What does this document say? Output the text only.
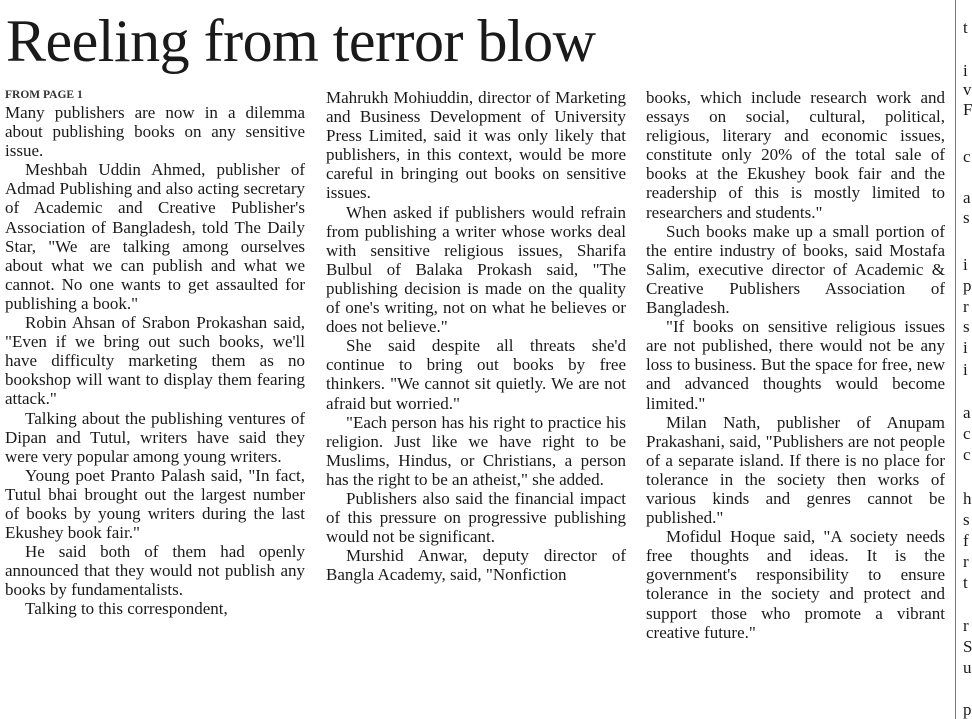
Reeling from terror blow
FROM PAGE 1

Many publishers are now in a dilemma about publishing books on any sensitive issue.

Meshbah Uddin Ahmed, publisher of Admad Publishing and also acting secretary of Academic and Creative Publisher's Association of Bangladesh, told The Daily Star, "We are talking among ourselves about what we can publish and what we cannot. No one wants to get assaulted for publishing a book."

Robin Ahsan of Srabon Prokashan said, "Even if we bring out such books, we'll have difficulty marketing them as no bookshop will want to display them fearing attack."

Talking about the publishing ventures of Dipan and Tutul, writers have said they were very popular among young writers.

Young poet Pranto Palash said, "In fact, Tutul bhai brought out the largest number of books by young writers during the last Ekushey book fair."

He said both of them had openly announced that they would not publish any books by fundamentalists.

Talking to this correspondent,

Mahrukh Mohiuddin, director of Marketing and Business Development of University Press Limited, said it was only likely that publishers, in this context, would be more careful in bringing out books on sensitive issues.

When asked if publishers would refrain from publishing a writer whose works deal with sensitive religious issues, Sharifa Bulbul of Balaka Prokash said, "The publishing decision is made on the quality of one's writing, not on what he believes or does not believe."

She said despite all threats she'd continue to bring out books by free thinkers. "We cannot sit quietly. We are not afraid but worried."

"Each person has his right to practice his religion. Just like we have right to be Muslims, Hindus, or Christians, a person has the right to be an atheist," she added.

Publishers also said the financial impact of this pressure on progressive publishing would not be significant.

Murshid Anwar, deputy director of Bangla Academy, said, "Nonfiction

books, which include research work and essays on social, cultural, political, religious, literary and economic issues, constitute only 20% of the total sale of books at the Ekushey book fair and the readership of this is mostly limited to researchers and students."

Such books make up a small portion of the entire industry of books, said Mostafa Salim, executive director of Academic & Creative Publishers Association of Bangladesh.

"If books on sensitive religious issues are not published, there would not be any loss to business. But the space for free, new and advanced thoughts would become limited."

Milan Nath, publisher of Anupam Prakashani, said, "Publishers are not people of a separate island. If there is no place for tolerance in the society then works of various kinds and genres cannot be published."

Mofidul Hoque said, "A society needs free thoughts and ideas. It is the government's responsibility to ensure tolerance in the society and protect and support those who promote a vibrant creative future."

t
i
v
F
c
a
s
i
p
r
s
i
i
a
c
c
h
s
f
r
t
r
S
u
p
